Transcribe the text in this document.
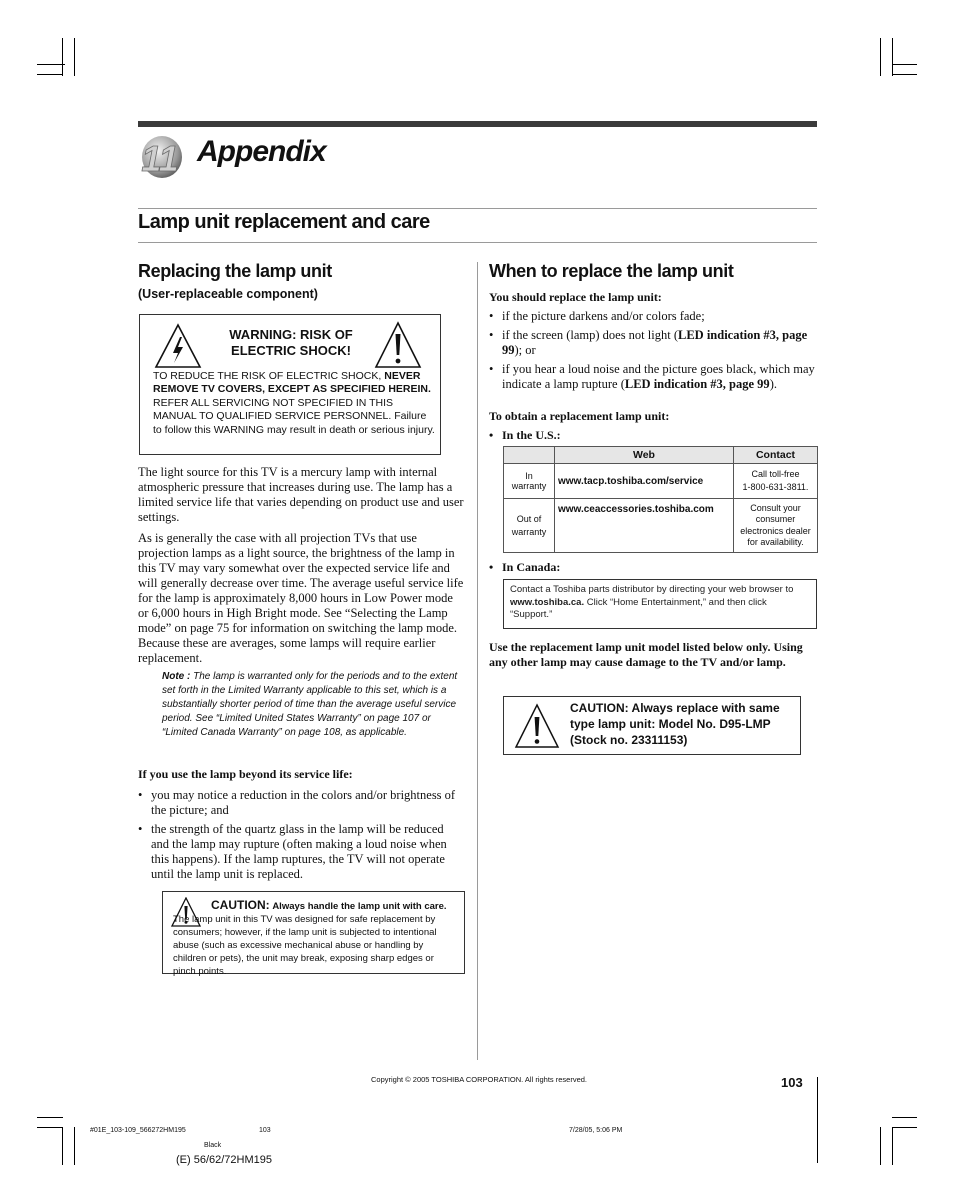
11 Appendix
Lamp unit replacement and care
Replacing the lamp unit
(User-replaceable component)
WARNING: RISK OF
ELECTRIC SHOCK!
TO REDUCE THE RISK OF ELECTRIC SHOCK, NEVER REMOVE TV COVERS, EXCEPT AS SPECIFIED HEREIN. REFER ALL SERVICING NOT SPECIFIED IN THIS MANUAL TO QUALIFIED SERVICE PERSONNEL. Failure to follow this WARNING may result in death or serious injury.
The light source for this TV is a mercury lamp with internal atmospheric pressure that increases during use. The lamp has a limited service life that varies depending on product use and user settings.
As is generally the case with all projection TVs that use projection lamps as a light source, the brightness of the lamp in this TV may vary somewhat over the expected service life and will generally decrease over time. The average useful service life for the lamp is approximately 8,000 hours in Low Power mode or 6,000 hours in High Bright mode. See “Selecting the Lamp mode” on page 75 for information on switching the lamp mode. Because these are averages, some lamps will require earlier replacement.
Note : The lamp is warranted only for the periods and to the extent set forth in the Limited Warranty applicable to this set, which is a substantially shorter period of time than the average useful service period. See “Limited United States Warranty” on page 107 or “Limited Canada Warranty” on page 108, as applicable.
If you use the lamp beyond its service life:
• you may notice a reduction in the colors and/or brightness of the picture; and
• the strength of the quartz glass in the lamp will be reduced and the lamp may rupture (often making a loud noise when this happens). If the lamp ruptures, the TV will not operate until the lamp unit is replaced.
CAUTION: Always handle the lamp unit with care. The lamp unit in this TV was designed for safe replacement by consumers; however, if the lamp unit is subjected to intentional abuse (such as excessive mechanical abuse or handling by children or pets), the unit may break, exposing sharp edges or pinch points.
When to replace the lamp unit
You should replace the lamp unit:
• if the picture darkens and/or colors fade;
• if the screen (lamp) does not light (LED indication #3, page 99); or
• if you hear a loud noise and the picture goes black, which may indicate a lamp rupture (LED indication #3, page 99).
To obtain a replacement lamp unit:
• In the U.S.:
	Web	Contact
In warranty	www.tacp.toshiba.com/service	Call toll-free
1-800-631-3811.

Out of warranty	www.ceaccessories.toshiba.com	Consult your consumer electronics dealer for availability.
• In Canada:
Contact a Toshiba parts distributor by directing your web browser to www.toshiba.ca. Click “Home Entertainment,” and then click “Support.”
Use the replacement lamp unit model listed below only. Using any other lamp may cause damage to the TV and/or lamp.
CAUTION: Always replace with same type lamp unit: Model No. D95-LMP (Stock no. 23311153)
Copyright © 2005 TOSHIBA CORPORATION. All rights reserved.	103
#01E_103-109_566272HM195	103	7/28/05, 5:06 PM
Black
(E) 56/62/72HM195
